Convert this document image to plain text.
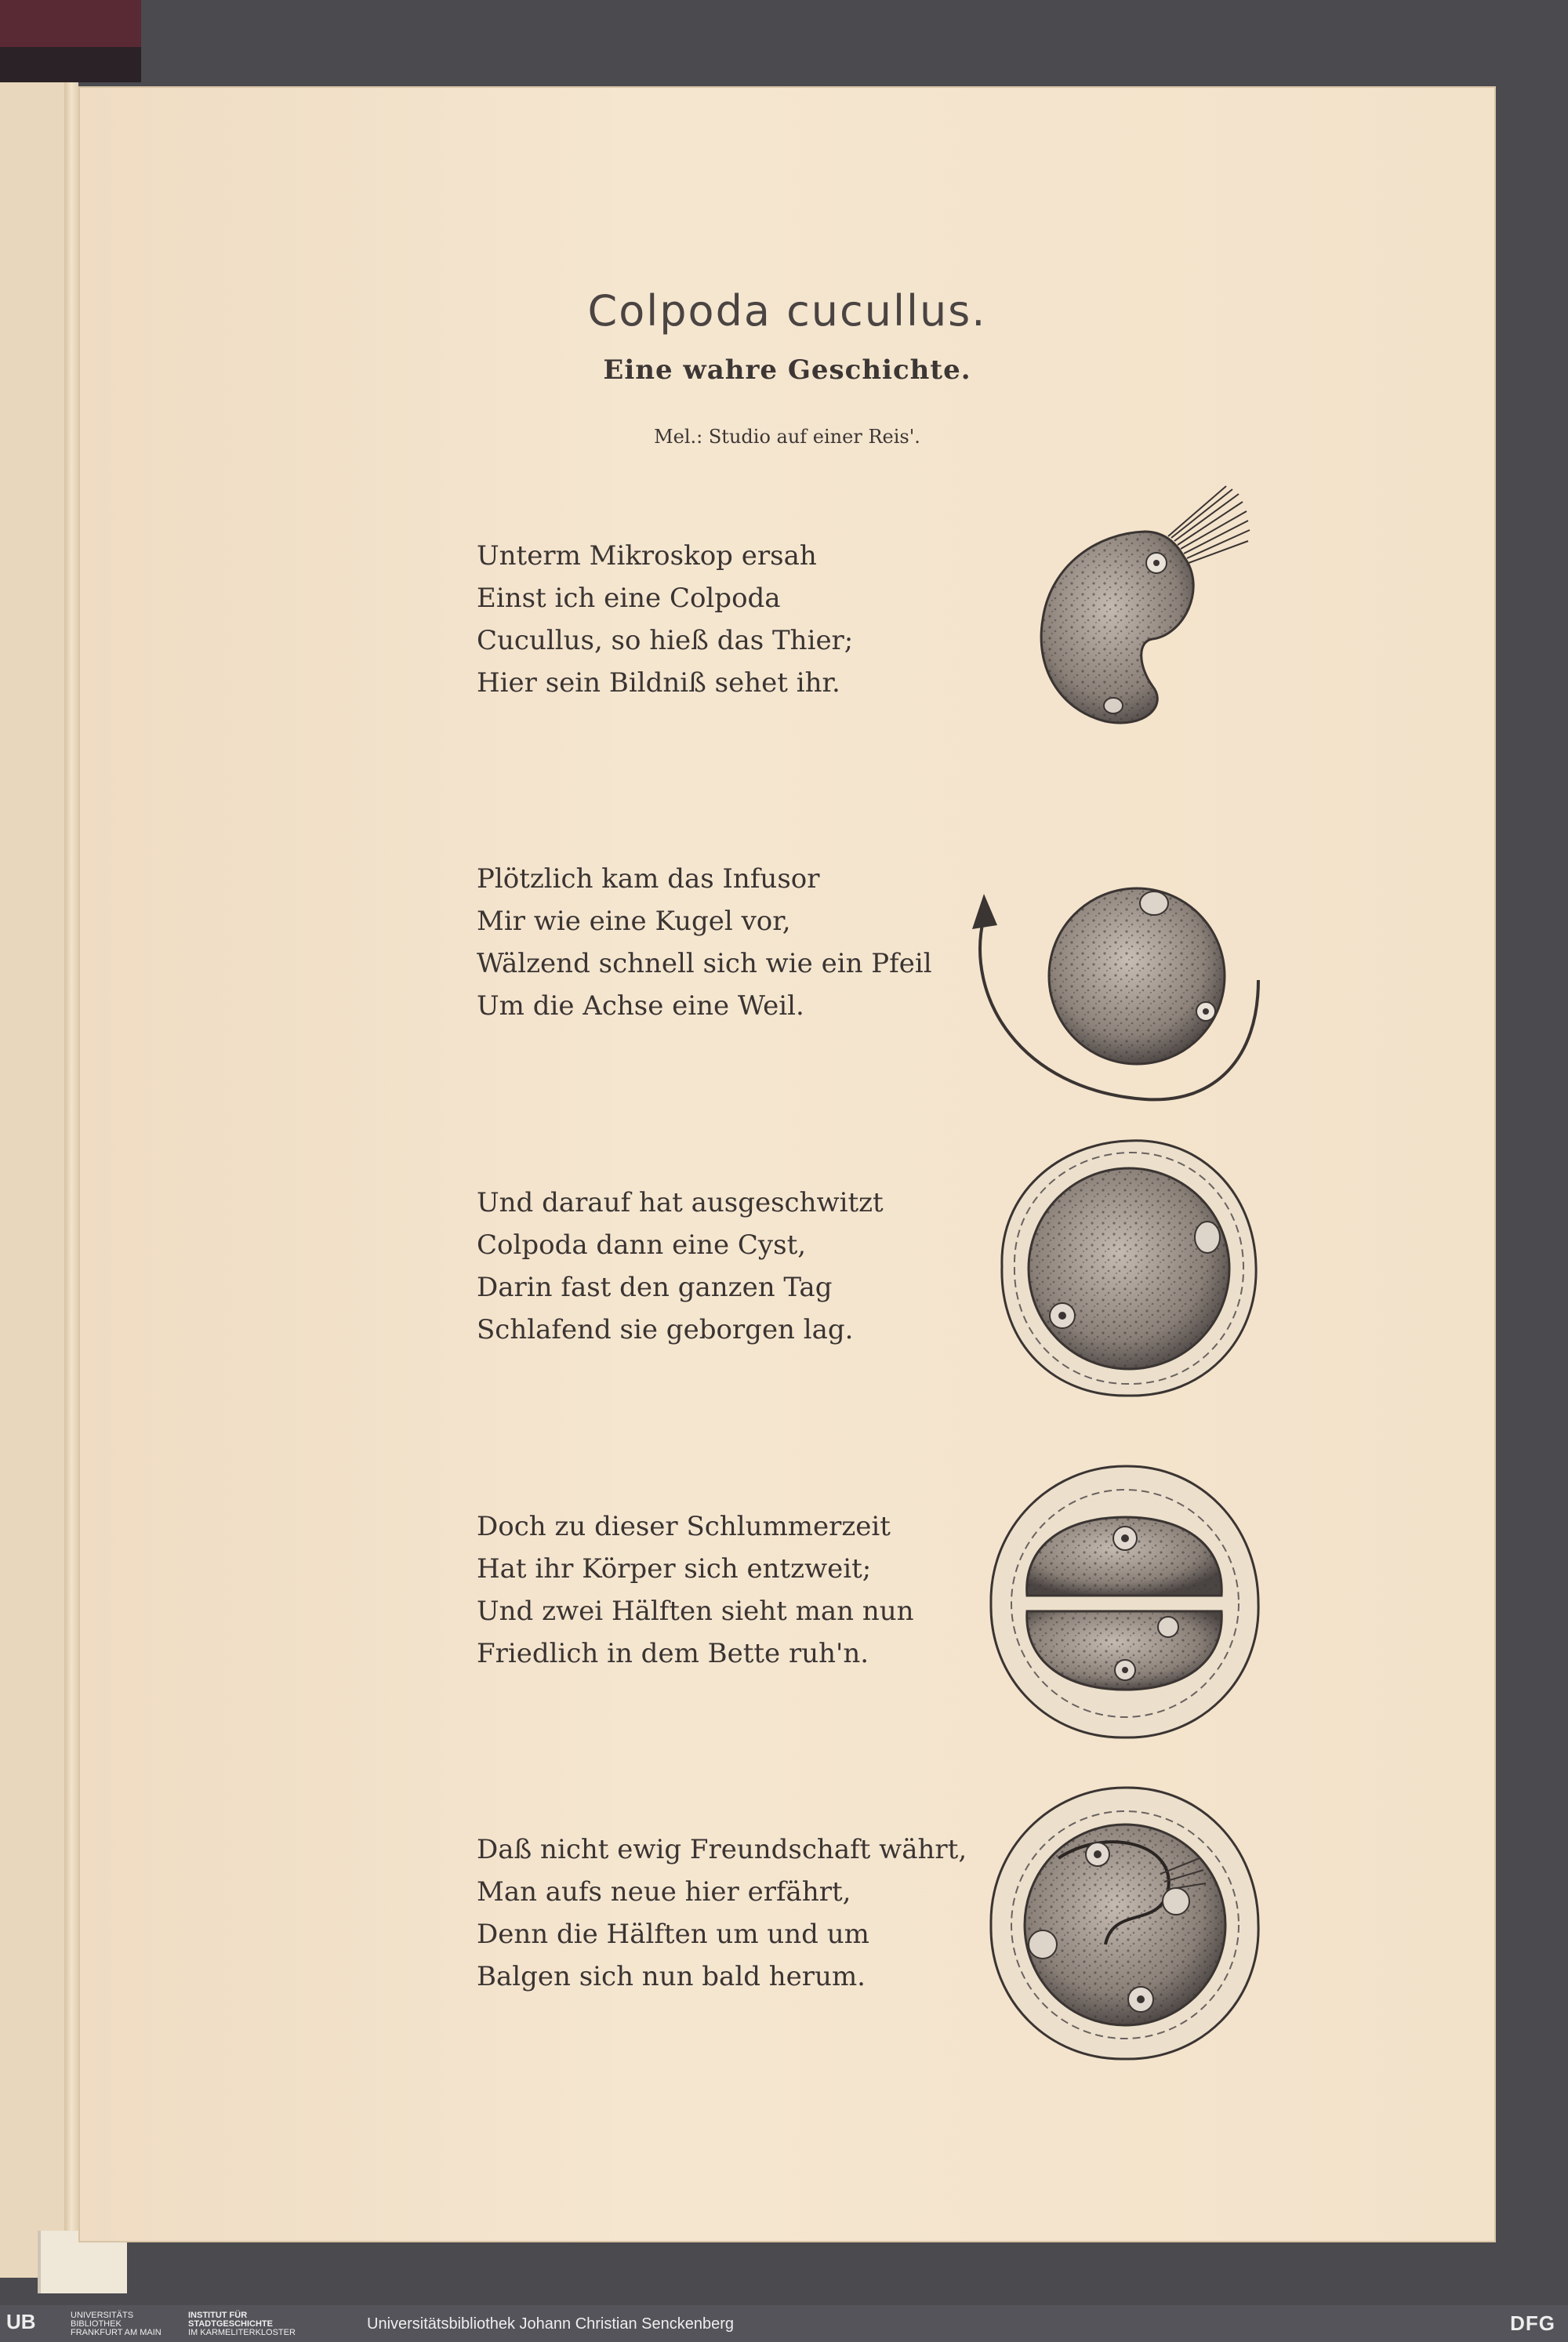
Colpoda cucullus.
Eine wahre Geschichte.
Mel.: Studio auf einer Reis'.
Unterm Mikroskop ersah
Einst ich eine Colpoda
Cucullus, so hieß das Thier;
Hier sein Bildniß sehet ihr.
Plötzlich kam das Infusor
Mir wie eine Kugel vor,
Wälzend schnell sich wie ein Pfeil
Um die Achse eine Weil.
Und darauf hat ausgeschwitzt
Colpoda dann eine Cyst,
Darin fast den ganzen Tag
Schlafend sie geborgen lag.
Doch zu dieser Schlummerzeit
Hat ihr Körper sich entzweit;
Und zwei Hälften sieht man nun
Friedlich in dem Bette ruh'n.
Daß nicht ewig Freundschaft währt,
Man aufs neue hier erfährt,
Denn die Hälften um und um
Balgen sich nun bald herum.
UB	UNIVERSITÄTS
BIBLIOTHEK
FRANKFURT AM MAIN
INSTITUT FÜR
STADTGESCHICHTE
IM KARMELITERKLOSTER	Universitätsbibliothek Johann Christian Senckenberg	DFG
